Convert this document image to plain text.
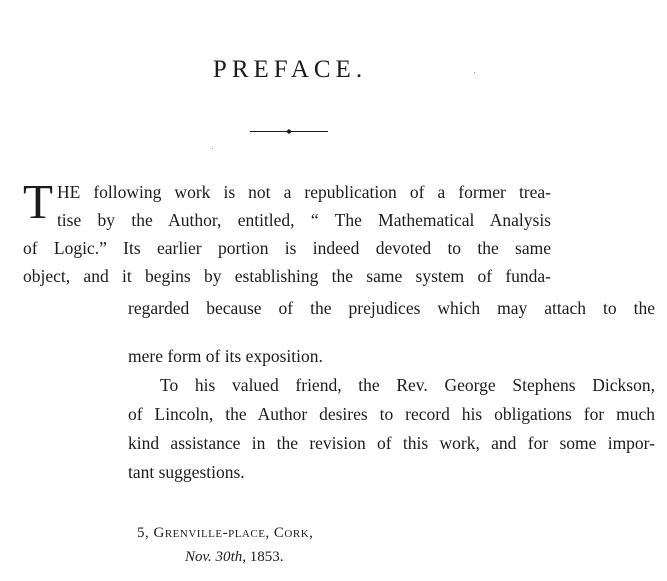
PREFACE.
T HE following work is not a republication of a former trea-
tise by the Author, entitled, “ The Mathematical Analysis
of Logic.” Its earlier portion is indeed devoted to the same
object, and it begins by establishing the same system of funda-
regarded because of the prejudices which may attach to the
mere form of its exposition.
To his valued friend, the Rev. George Stephens Dickson,
of Lincoln, the Author desires to record his obligations for much
kind assistance in the revision of this work, and for some impor-
tant suggestions.
5, Grenville-place, Cork,
Nov. 30th, 1853.
